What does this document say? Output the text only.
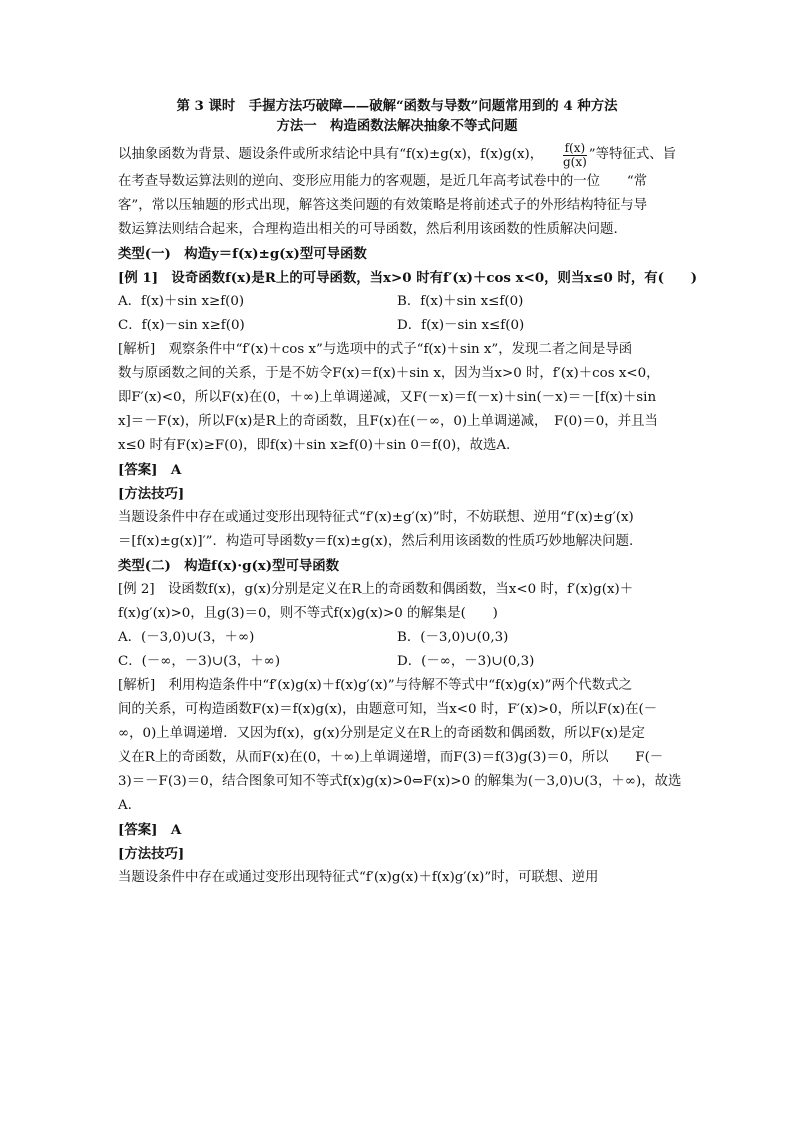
第 3 课时　手握方法巧破障——破解“函数与导数”问题常用到的 4 种方法
方法一　构造函数法解决抽象不等式问题
以抽象函数为背景、题设条件或所求结论中具有“f(x)±g(x)，f(x)g(x)， $\frac{f(x)}{g(x)}$ ”等特征式、旨
在考查导数运算法则的逆向、变形应用能力的客观题，是近几年高考试卷中的一位　　“常
客”，常以压轴题的形式出现，解答这类问题的有效策略是将前述式子的外形结构特征与导
数运算法则结合起来，合理构造出相关的可导函数，然后利用该函数的性质解决问题.
类型(一)　构造y＝f(x)±g(x)型可导函数
[例 1]　设奇函数f(x)是R上的可导函数，当x>0 时有f′(x)＋cos x<0，则当x≤0 时，有(　　)
A．f(x)＋sin x≥f(0)	B．f(x)＋sin x≤f(0)
C．f(x)－sin x≥f(0)	D．f(x)－sin x≤f(0)
[解析]　观察条件中“f′(x)＋cos x”与选项中的式子“f(x)＋sin x”，发现二者之间是导函
数与原函数之间的关系，于是不妨令F(x)＝f(x)＋sin x，因为当x>0 时，f′(x)＋cos x<0，
即F′(x)<0，所以F(x)在(0，＋∞)上单调递减，又F(－x)＝f(－x)＋sin(－x)＝－[f(x)＋sin
x]＝－F(x)，所以F(x)是R上的奇函数，且F(x)在(－∞，0)上单调递减，　F(0)＝0，并且当
x≤0 时有F(x)≥F(0)，即f(x)＋sin x≥f(0)＋sin 0＝f(0)，故选A.
[答案]　A
[方法技巧]
当题设条件中存在或通过变形出现特征式“f′(x)±g′(x)”时，不妨联想、逆用“f′(x)±g′(x)
＝[f(x)±g(x)]′”．构造可导函数y＝f(x)±g(x)，然后利用该函数的性质巧妙地解决问题.
类型(二)　构造f(x)·g(x)型可导函数
[例 2]　设函数f(x)，g(x)分别是定义在R上的奇函数和偶函数，当x<0 时，f′(x)g(x)＋
f(x)g′(x)>0，且g(3)＝0，则不等式f(x)g(x)>0 的解集是(　　)
A．(－3,0)∪(3，＋∞)	B．(－3,0)∪(0,3)
C．(－∞，－3)∪(3，＋∞)	D．(－∞，－3)∪(0,3)
[解析]　利用构造条件中“f′(x)g(x)＋f(x)g′(x)”与待解不等式中“f(x)g(x)”两个代数式之
间的关系，可构造函数F(x)＝f(x)g(x)，由题意可知，当x<0 时，F′(x)>0，所以F(x)在(－
∞，0)上单调递增．又因为f(x)，g(x)分别是定义在R上的奇函数和偶函数，所以F(x)是定
义在R上的奇函数，从而F(x)在(0，＋∞)上单调递增，而F(3)＝f(3)g(3)＝0，所以　　F(－
3)＝－F(3)＝0，结合图象可知不等式f(x)g(x)>0⇔F(x)>0 的解集为(－3,0)∪(3，＋∞)，故选
A.
[答案]　A
[方法技巧]
当题设条件中存在或通过变形出现特征式“f′(x)g(x)＋f(x)g′(x)”时，可联想、逆用
